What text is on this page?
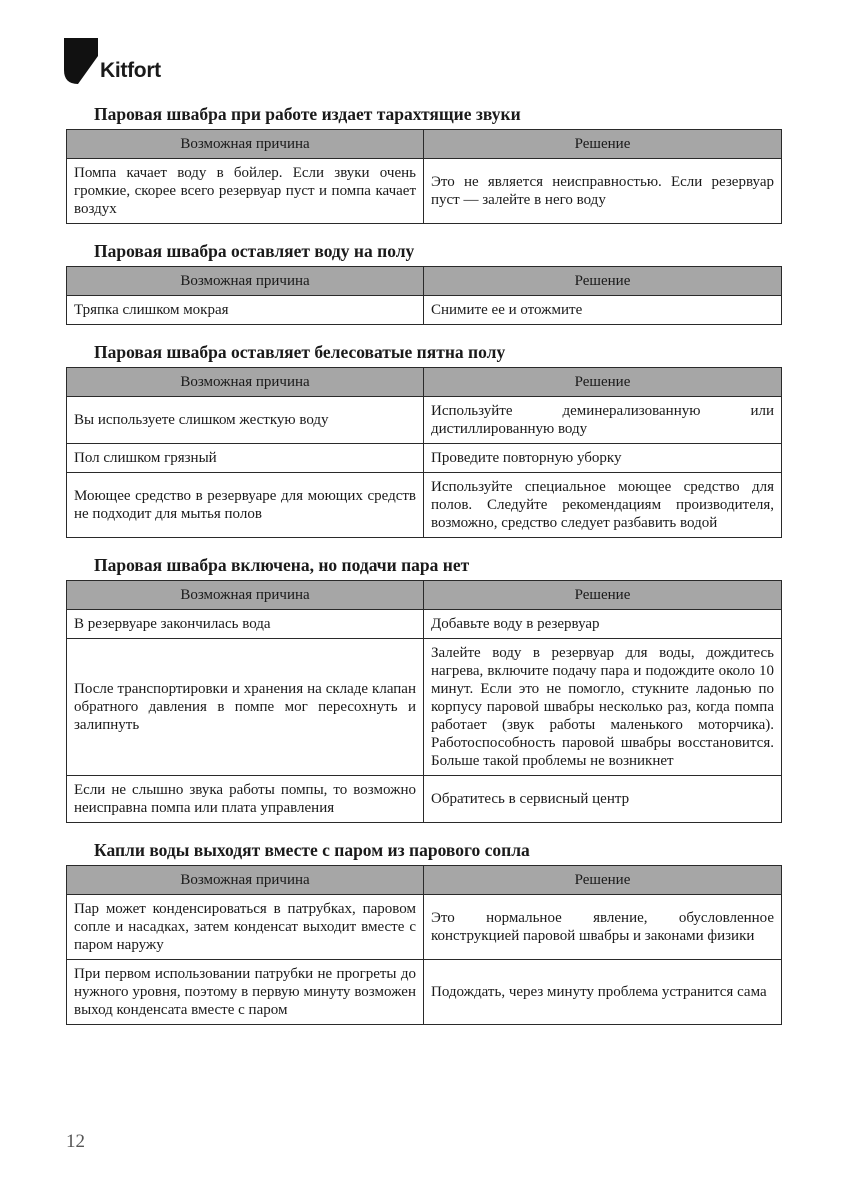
Kitfort
Паровая швабра при работе издает тарахтящие звуки
Возможная причина	Решение
Помпа качает воду в бойлер. Если звуки очень громкие, скорее всего резервуар пуст и помпа качает воздух	Это не является неисправностью. Если резервуар пуст — залейте в него воду
Паровая швабра оставляет воду на полу
Возможная причина	Решение
Тряпка слишком мокрая	Снимите ее и отожмите
Паровая швабра оставляет белесоватые пятна полу
Возможная причина	Решение
Вы используете слишком жесткую воду	Используйте деминерализованную или дистиллированную воду
Пол слишком грязный	Проведите повторную уборку
Моющее средство в резервуаре для моющих средств не подходит для мытья полов	Используйте специальное моющее средство для полов. Следуйте рекомендациям производителя, возможно, средство следует разбавить водой
Паровая швабра включена, но подачи пара нет
Возможная причина	Решение
В резервуаре закончилась вода	Добавьте воду в резервуар
После транспортировки и хранения на складе клапан обратного давления в помпе мог пересохнуть и залипнуть	Залейте воду в резервуар для воды, дождитесь нагрева, включите подачу пара и подождите около 10 минут. Если это не помогло, стукните ладонью по корпусу паровой швабры несколько раз, когда помпа работает (звук работы маленького моторчика). Работоспособность паровой швабры восстановится. Больше такой проблемы не возникнет
Если не слышно звука работы помпы, то возможно неисправна помпа или плата управления	Обратитесь в сервисный центр
Капли воды выходят вместе с паром из парового сопла
Возможная причина	Решение
Пар может конденсироваться в патрубках, паровом сопле и насадках, затем конденсат выходит вместе с паром наружу	Это нормальное явление, обусловленное конструкцией паровой швабры и законами физики
При первом использовании патрубки не прогреты до нужного уровня, поэтому в первую минуту возможен выход конденсата вместе с паром	Подождать, через минуту проблема устранится сама
12
